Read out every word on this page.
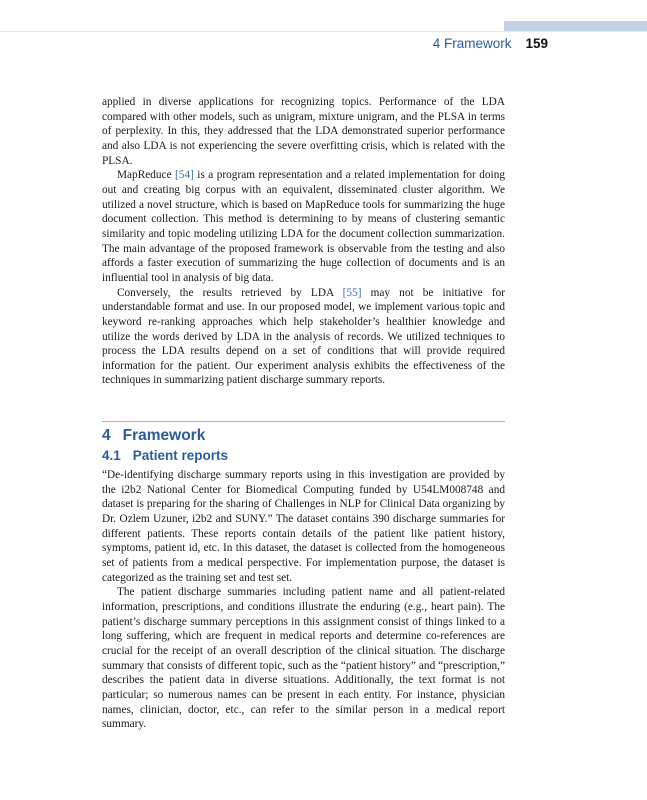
4 Framework 159

applied in diverse applications for recognizing topics. Performance of the LDA compared with other models, such as unigram, mixture unigram, and the PLSA in terms of perplexity. In this, they addressed that the LDA demonstrated superior performance and also LDA is not experiencing the severe overfitting crisis, which is related with the PLSA.

MapReduce [54] is a program representation and a related implementation for doing out and creating big corpus with an equivalent, disseminated cluster algorithm. We utilized a novel structure, which is based on MapReduce tools for summarizing the huge document collection. This method is determining to by means of clustering semantic similarity and topic modeling utilizing LDA for the document collection summarization. The main advantage of the proposed framework is observable from the testing and also affords a faster execution of summarizing the huge collection of documents and is an influential tool in analysis of big data.

Conversely, the results retrieved by LDA [55] may not be initiative for understandable format and use. In our proposed model, we implement various topic and keyword re-ranking approaches which help stakeholder’s healthier knowledge and utilize the words derived by LDA in the analysis of records. We utilized techniques to process the LDA results depend on a set of conditions that will provide required information for the patient. Our experiment analysis exhibits the effectiveness of the techniques in summarizing patient discharge summary reports.

4 Framework
4.1 Patient reports

“De-identifying discharge summary reports using in this investigation are provided by the i2b2 National Center for Biomedical Computing funded by U54LM008748 and dataset is preparing for the sharing of Challenges in NLP for Clinical Data organizing by Dr. Ozlem Uzuner, i2b2 and SUNY.” The dataset contains 390 discharge summaries for different patients. These reports contain details of the patient like patient history, symptoms, patient id, etc. In this dataset, the dataset is collected from the homogeneous set of patients from a medical perspective. For implementation purpose, the dataset is categorized as the training set and test set.

The patient discharge summaries including patient name and all patient-related information, prescriptions, and conditions illustrate the enduring (e.g., heart pain). The patient’s discharge summary perceptions in this assignment consist of things linked to a long suffering, which are frequent in medical reports and determine co-references are crucial for the receipt of an overall description of the clinical situation. The discharge summary that consists of different topic, such as the “patient history” and “prescription,” describes the patient data in diverse situations. Additionally, the text format is not particular; so numerous names can be present in each entity. For instance, physician names, clinician, doctor, etc., can refer to the similar person in a medical report summary.
